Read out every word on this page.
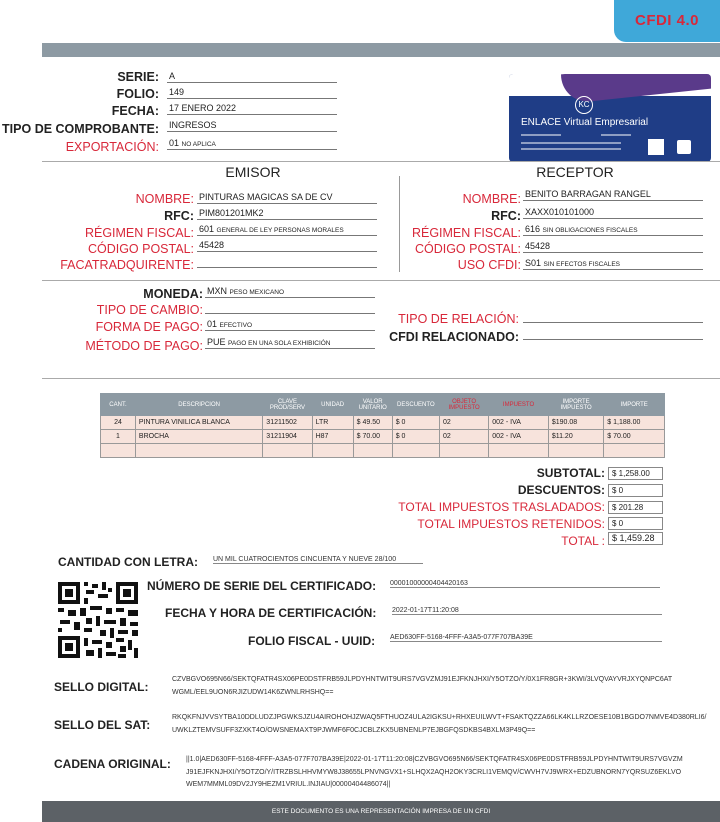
CFDI 4.0
SERIE: A
FOLIO: 149
FECHA: 17 ENERO 2022
TIPO DE COMPROBANTE: INGRESOS
EXPORTACIÓN: 01 NO APLICA
KC
ENLACE Virtual Empresarial
EMISOR
NOMBRE: PINTURAS MAGICAS SA DE CV
RFC: PIM801201MK2
RÉGIMEN FISCAL: 601 GENERAL DE LEY PERSONAS MORALES
CÓDIGO POSTAL: 45428
FACATRADQUIRENTE:
RECEPTOR
NOMBRE: BENITO BARRAGAN RANGEL
RFC: XAXX010101000
RÉGIMEN FISCAL: 616 SIN OBLIGACIONES FISCALES
CÓDIGO POSTAL: 45428
USO CFDI: S01 SIN EFECTOS FISCALES
MONEDA: MXN PESO MEXICANO
TIPO DE CAMBIO:
FORMA DE PAGO: 01 EFECTIVO
MÉTODO DE PAGO: PUE PAGO EN UNA SOLA EXHIBICIÓN
TIPO DE RELACIÓN:
CFDI RELACIONADO:
CANT.	DESCRIPCION	CLAVE PROD/SERV	UNIDAD	VALOR UNITARIO	DESCUENTO	OBJETO IMPUESTO	IMPUESTO	IMPORTE IMPUESTO	IMPORTE
24	PINTURA VINILICA BLANCA	31211502	LTR	$ 49.50	$ 0	02	002 - IVA	$190.08	$ 1,188.00
1	BROCHA	31211904	H87	$ 70.00	$ 0	02	002 - IVA	$11.20	$ 70.00

SUBTOTAL: $ 1,258.00
DESCUENTOS: $ 0
TOTAL IMPUESTOS TRASLADADOS: $ 201.28
TOTAL IMPUESTOS RETENIDOS: $ 0
TOTAL : $ 1,459.28
CANTIDAD CON LETRA: UN MIL CUATROCIENTOS CINCUENTA Y NUEVE 28/100
NÚMERO DE SERIE DEL CERTIFICADO: 00001000000404420163
FECHA Y HORA DE CERTIFICACIÓN: 2022-01-17T11:20:08
FOLIO FISCAL - UUID: AED630FF-5168-4FFF-A3A5-077F707BA39E
SELLO DIGITAL:
CZVBGVO695N66/SEKTQFATR4SX06PE0DSTFRB59JLPDYHNTWIT9URS7VGVZMJ91EJFKNJHXI/Y5OTZO/Y/0X1FR8GR+3KWI/3LVQVAYVRJXYQNPC6ATWGML/EEL9UON6RJIZUDW14K6ZWNLRHSHQ==
SELLO DEL SAT:
RKQKFNJVVSYTBA10DDLUDZJPGWKSJZU4AIROHOHJZWAQ5FTHUOZ4ULA2IGKSU+RHXEUILWVT+FSAKTQZZA66LK4KLLRZOESE10B1BGDO7NMVE4D380RLI6/UWKLZTEMVSUFF3ZXKT4O/OWSNEMAXT9PJWMF6F0CJCBLZKX5UBNENLP7EJBGFQSDKBS4BXLM3P49Q==
CADENA ORIGINAL: ||1.0|AED630FF-5168-4FFF-A3A5-077F707BA39E|2022-01-17T11:20:08|CZVBGVO695N66/SEKTQFATR4SX06PE0DSTFRB59JLPDYHNTWIT9URS7VGVZMJ91EJFKNJHXI/Y5OTZO/Y/ITRZBSLHHVMYW8J38655LPNVNGVX1+SLHQX2AQH2OKY3CRLI1VEMQV/CWVH7VJ9WRX+EDZUBNORN7YQRSUZ6EKLVOWEM7MMML09DV2JY9HEZM1VRIUL.INJIAU|00000404486074||
ESTE DOCUMENTO ES UNA REPRESENTACIÓN IMPRESA DE UN CFDI
